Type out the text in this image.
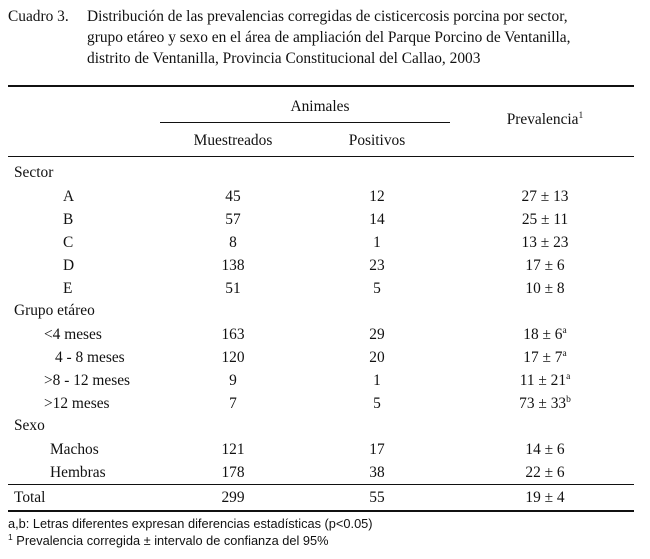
Cuadro 3. Distribución de las prevalencias corregidas de cisticercosis porcina por sector,
grupo etáreo y sexo en el área de ampliación del Parque Porcino de Ventanilla,
distrito de Ventanilla, Provincia Constitucional del Callao, 2003
Animales
Muestreados	Positivos
Prevalencia$^1$
Sector
A	45	12	27 ± 13
B	57	14	25 ± 11
C	8	1	13 ± 23
D	138	23	17 ± 6
E	51	5	10 ± 8
Grupo etáreo
<4 meses	163	29	$18 \pm 6^a$
4 - 8 meses	120	20	$17 \pm 7^a$
>8 - 12 meses	9	1	$11 \pm 21^a$
>12 meses	7	5	$73 \pm 33^b$
Sexo
Machos	121	17	14 ± 6
Hembras	178	38	22 ± 6
Total	299	55	19 ± 4
a,b: Letras diferentes expresan diferencias estadísticas (p<0.05)
$^1$ Prevalencia corregida ± intervalo de confianza del 95%
